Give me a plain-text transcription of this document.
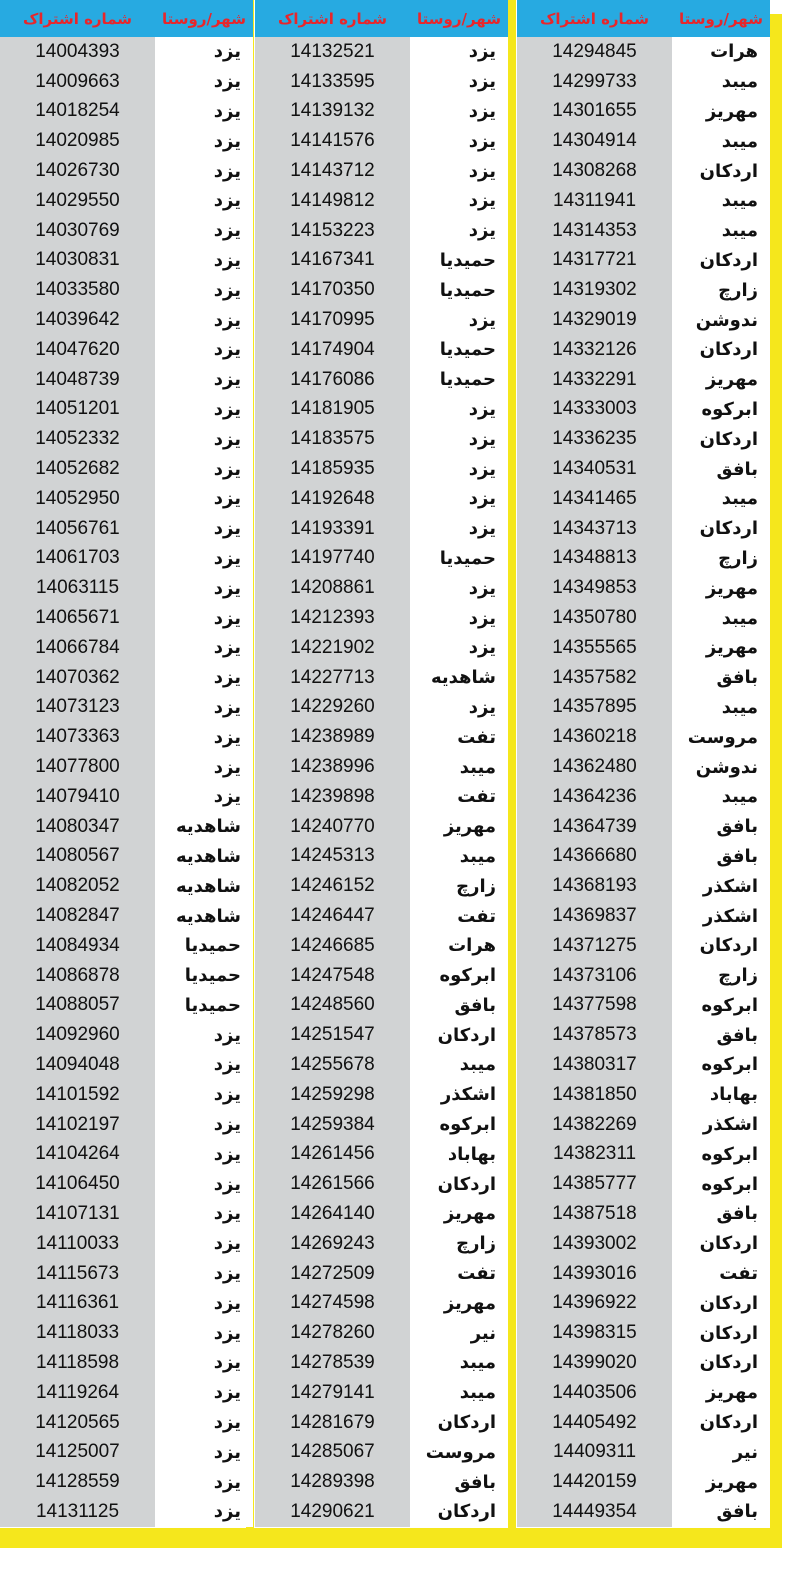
شماره اشتراک	شهر/روستا
14004393	یزد
14009663	یزد
14018254	یزد
14020985	یزد
14026730	یزد
14029550	یزد
14030769	یزد
14030831	یزد
14033580	یزد
14039642	یزد
14047620	یزد
14048739	یزد
14051201	یزد
14052332	یزد
14052682	یزد
14052950	یزد
14056761	یزد
14061703	یزد
14063115	یزد
14065671	یزد
14066784	یزد
14070362	یزد
14073123	یزد
14073363	یزد
14077800	یزد
14079410	یزد
14080347	شاهدیه
14080567	شاهدیه
14082052	شاهدیه
14082847	شاهدیه
14084934	حمیدیا
14086878	حمیدیا
14088057	حمیدیا
14092960	یزد
14094048	یزد
14101592	یزد
14102197	یزد
14104264	یزد
14106450	یزد
14107131	یزد
14110033	یزد
14115673	یزد
14116361	یزد
14118033	یزد
14118598	یزد
14119264	یزد
14120565	یزد
14125007	یزد
14128559	یزد
14131125	یزد
شماره اشتراک	شهر/روستا
14132521	یزد
14133595	یزد
14139132	یزد
14141576	یزد
14143712	یزد
14149812	یزد
14153223	یزد
14167341	حمیدیا
14170350	حمیدیا
14170995	یزد
14174904	حمیدیا
14176086	حمیدیا
14181905	یزد
14183575	یزد
14185935	یزد
14192648	یزد
14193391	یزد
14197740	حمیدیا
14208861	یزد
14212393	یزد
14221902	یزد
14227713	شاهدیه
14229260	یزد
14238989	تفت
14238996	میبد
14239898	تفت
14240770	مهریز
14245313	میبد
14246152	زارچ
14246447	تفت
14246685	هرات
14247548	ابرکوه
14248560	بافق
14251547	اردکان
14255678	میبد
14259298	اشکذر
14259384	ابرکوه
14261456	بهاباد
14261566	اردکان
14264140	مهریز
14269243	زارچ
14272509	تفت
14274598	مهریز
14278260	نیر
14278539	میبد
14279141	میبد
14281679	اردکان
14285067	مروست
14289398	بافق
14290621	اردکان
شماره اشتراک	شهر/روستا
14294845	هرات
14299733	میبد
14301655	مهریز
14304914	میبد
14308268	اردکان
14311941	میبد
14314353	میبد
14317721	اردکان
14319302	زارچ
14329019	ندوشن
14332126	اردکان
14332291	مهریز
14333003	ابرکوه
14336235	اردکان
14340531	بافق
14341465	میبد
14343713	اردکان
14348813	زارچ
14349853	مهریز
14350780	میبد
14355565	مهریز
14357582	بافق
14357895	میبد
14360218	مروست
14362480	ندوشن
14364236	میبد
14364739	بافق
14366680	بافق
14368193	اشکذر
14369837	اشکذر
14371275	اردکان
14373106	زارچ
14377598	ابرکوه
14378573	بافق
14380317	ابرکوه
14381850	بهاباد
14382269	اشکذر
14382311	ابرکوه
14385777	ابرکوه
14387518	بافق
14393002	اردکان
14393016	تفت
14396922	اردکان
14398315	اردکان
14399020	اردکان
14403506	مهریز
14405492	اردکان
14409311	نیر
14420159	مهریز
14449354	بافق
